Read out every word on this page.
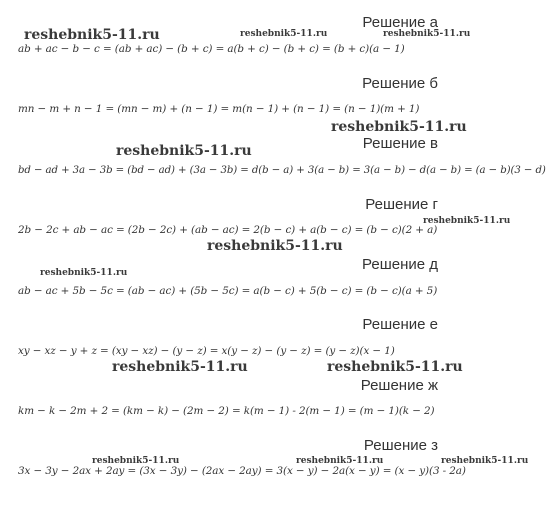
Решение а
Решение б
Решение в
Решение г
Решение д
Решение е
Решение ж
Решение з
ab + ac − b − c = (ab + ac) − (b + c) = a(b + c) − (b + c) = (b + c)(a − 1)
mn − m + n − 1 = (mn − m) + (n − 1) = m(n − 1) + (n − 1) = (n − 1)(m + 1)
bd − ad + 3a − 3b = (bd − ad) + (3a − 3b) = d(b − a) + 3(a − b) = 3(a − b) − d(a − b) = (a − b)(3 − d)
2b − 2c + ab − ac = (2b − 2c) + (ab − ac) = 2(b − c) + a(b − c) = (b − c)(2 + a)
ab − ac + 5b − 5c = (ab − ac) + (5b − 5c) = a(b − c) + 5(b − c) = (b − c)(a + 5)
xy − xz − y + z = (xy − xz) − (y − z) = x(y − z) − (y − z) = (y − z)(x − 1)
km − k − 2m + 2 = (km − k) − (2m − 2) = k(m − 1) - 2(m − 1) = (m − 1)(k − 2)
3x − 3y − 2ax + 2ay = (3x − 3y) − (2ax − 2ay) = 3(x − y) − 2a(x − y) = (x − y)(3 - 2a)
reshebnik5-11.ru	reshebnik5-11.ru	reshebnik5-11.ru
reshebnik5-11.ru
reshebnik5-11.ru
reshebnik5-11.ru
reshebnik5-11.ru
reshebnik5-11.ru
reshebnik5-11.ru	reshebnik5-11.ru
reshebnik5-11.ru	reshebnik5-11.ru	reshebnik5-11.ru
